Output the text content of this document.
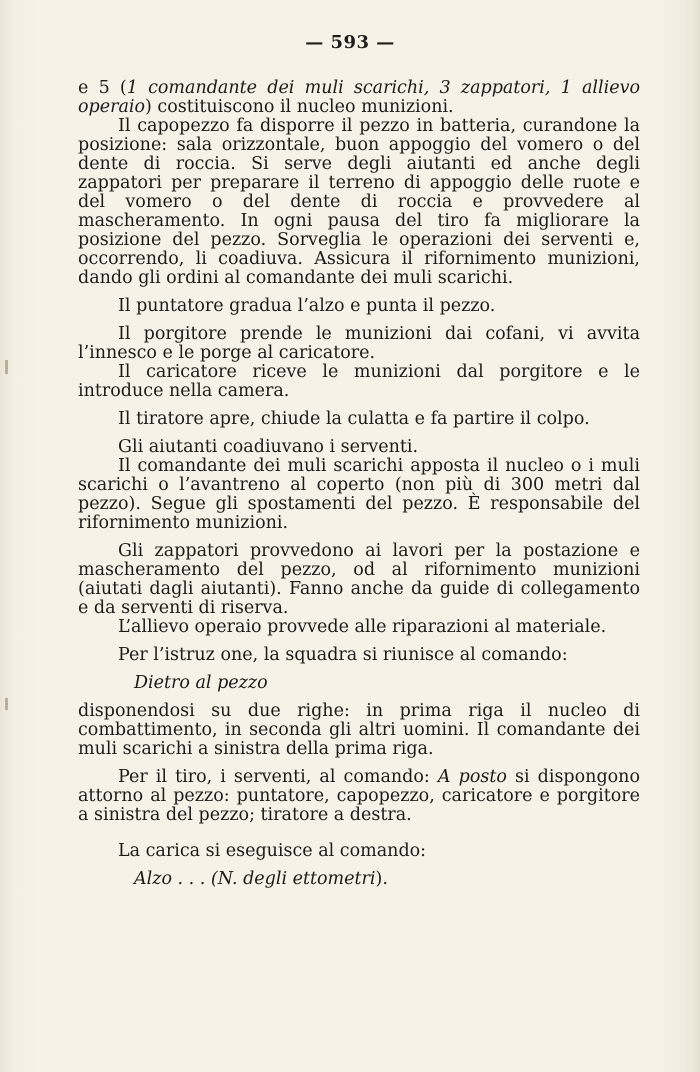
— 593 —

e 5 (1 comandante dei muli scarichi, 3 zappatori, 1 allievo operaio) costituiscono il nucleo munizioni.

Il capopezzo fa disporre il pezzo in batteria, curandone la posizione: sala orizzontale, buon appoggio del vomero o del dente di roccia. Si serve degli aiutanti ed anche degli zappatori per preparare il terreno di appoggio delle ruote e del vomero o del dente di roccia e provvedere al mascheramento. In ogni pausa del tiro fa migliorare la posizione del pezzo. Sorveglia le operazioni dei serventi e, occorrendo, li coadiuva. Assicura il rifornimento munizioni, dando gli ordini al comandante dei muli scarichi.

Il puntatore gradua l’alzo e punta il pezzo.

Il porgitore prende le munizioni dai cofani, vi avvita l’innesco e le porge al caricatore.

Il caricatore riceve le munizioni dal porgitore e le introduce nella camera.

Il tiratore apre, chiude la culatta e fa partire il colpo.

Gli aiutanti coadiuvano i serventi.

Il comandante dei muli scarichi apposta il nucleo o i muli scarichi o l’avantreno al coperto (non più di 300 metri dal pezzo). Segue gli spostamenti del pezzo. È responsabile del rifornimento munizioni.

Gli zappatori provvedono ai lavori per la postazione e mascheramento del pezzo, od al rifornimento munizioni (aiutati dagli aiutanti). Fanno anche da guide di collegamento e da serventi di riserva.

L’allievo operaio provvede alle riparazioni al materiale.

Per l’istruz one, la squadra si riunisce al comando:

Dietro al pezzo

disponendosi su due righe: in prima riga il nucleo di combattimento, in seconda gli altri uomini. Il comandante dei muli scarichi a sinistra della prima riga.

Per il tiro, i serventi, al comando: A posto si dispongono attorno al pezzo: puntatore, capopezzo, caricatore e porgitore a sinistra del pezzo; tiratore a destra.

La carica si eseguisce al comando:

Alzo . . . (N. degli ettometri).
